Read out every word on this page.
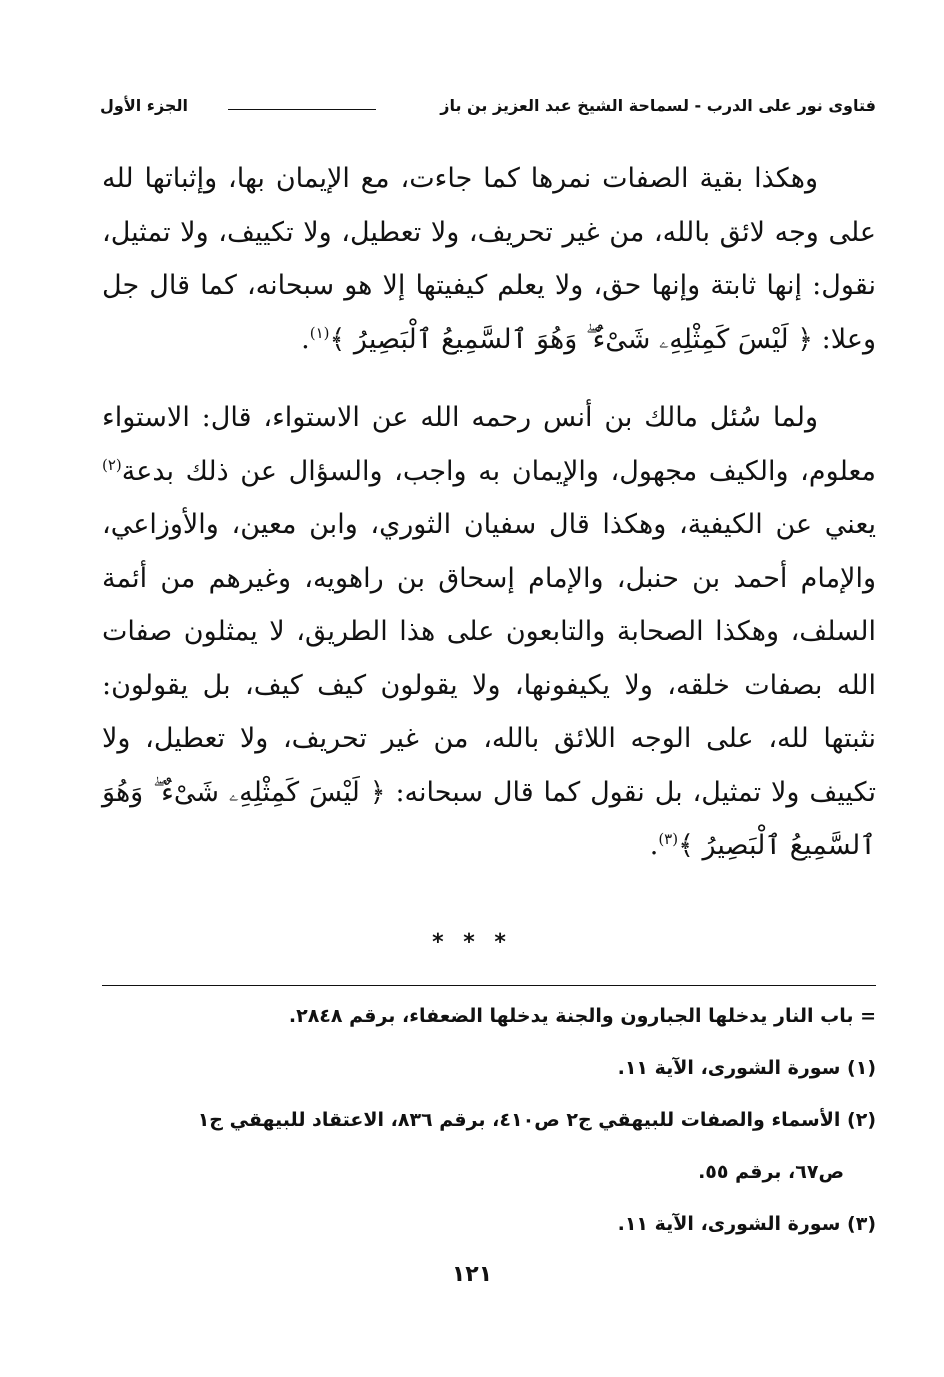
فتاوى نور على الدرب - لسماحة الشيخ عبد العزيز بن باز
الجزء الأول

وهكذا بقية الصفات نمرها كما جاءت، مع الإيمان بها، وإثباتها لله على وجه لائق بالله، من غير تحريف، ولا تعطيل، ولا تكييف، ولا تمثيل، نقول: إنها ثابتة وإنها حق، ولا يعلم كيفيتها إلا هو سبحانه، كما قال جل وعلا: ﴿ لَيْسَ كَمِثْلِهِۦ شَىْءٌ ۖ وَهُوَ ٱلسَّمِيعُ ٱلْبَصِيرُ ﴾$^{(١)}$.

ولما سُئل مالك بن أنس رحمه الله عن الاستواء، قال: الاستواء معلوم، والكيف مجهول، والإيمان به واجب، والسؤال عن ذلك بدعة$^{(٢)}$ يعني عن الكيفية، وهكذا قال سفيان الثوري، وابن معين، والأوزاعي، والإمام أحمد بن حنبل، والإمام إسحاق بن راهويه، وغيرهم من أئمة السلف، وهكذا الصحابة والتابعون على هذا الطريق، لا يمثلون صفات الله بصفات خلقه، ولا يكيفونها، ولا يقولون كيف كيف، بل يقولون: نثبتها لله، على الوجه اللائق بالله، من غير تحريف، ولا تعطيل، ولا تكييف ولا تمثيل، بل نقول كما قال سبحانه: ﴿ لَيْسَ كَمِثْلِهِۦ شَىْءٌ ۖ وَهُوَ ٱلسَّمِيعُ ٱلْبَصِيرُ ﴾$^{(٣)}$.

* * *
= باب النار يدخلها الجبارون والجنة يدخلها الضعفاء، برقم ٢٨٤٨.
(١) سورة الشورى، الآية ١١.
(٢) الأسماء والصفات للبيهقي ج٢ ص٤١٠، برقم ٨٣٦، الاعتقاد للبيهقي ج١
ص٦٧، برقم ٥٥.
(٣) سورة الشورى، الآية ١١.
١٢١
